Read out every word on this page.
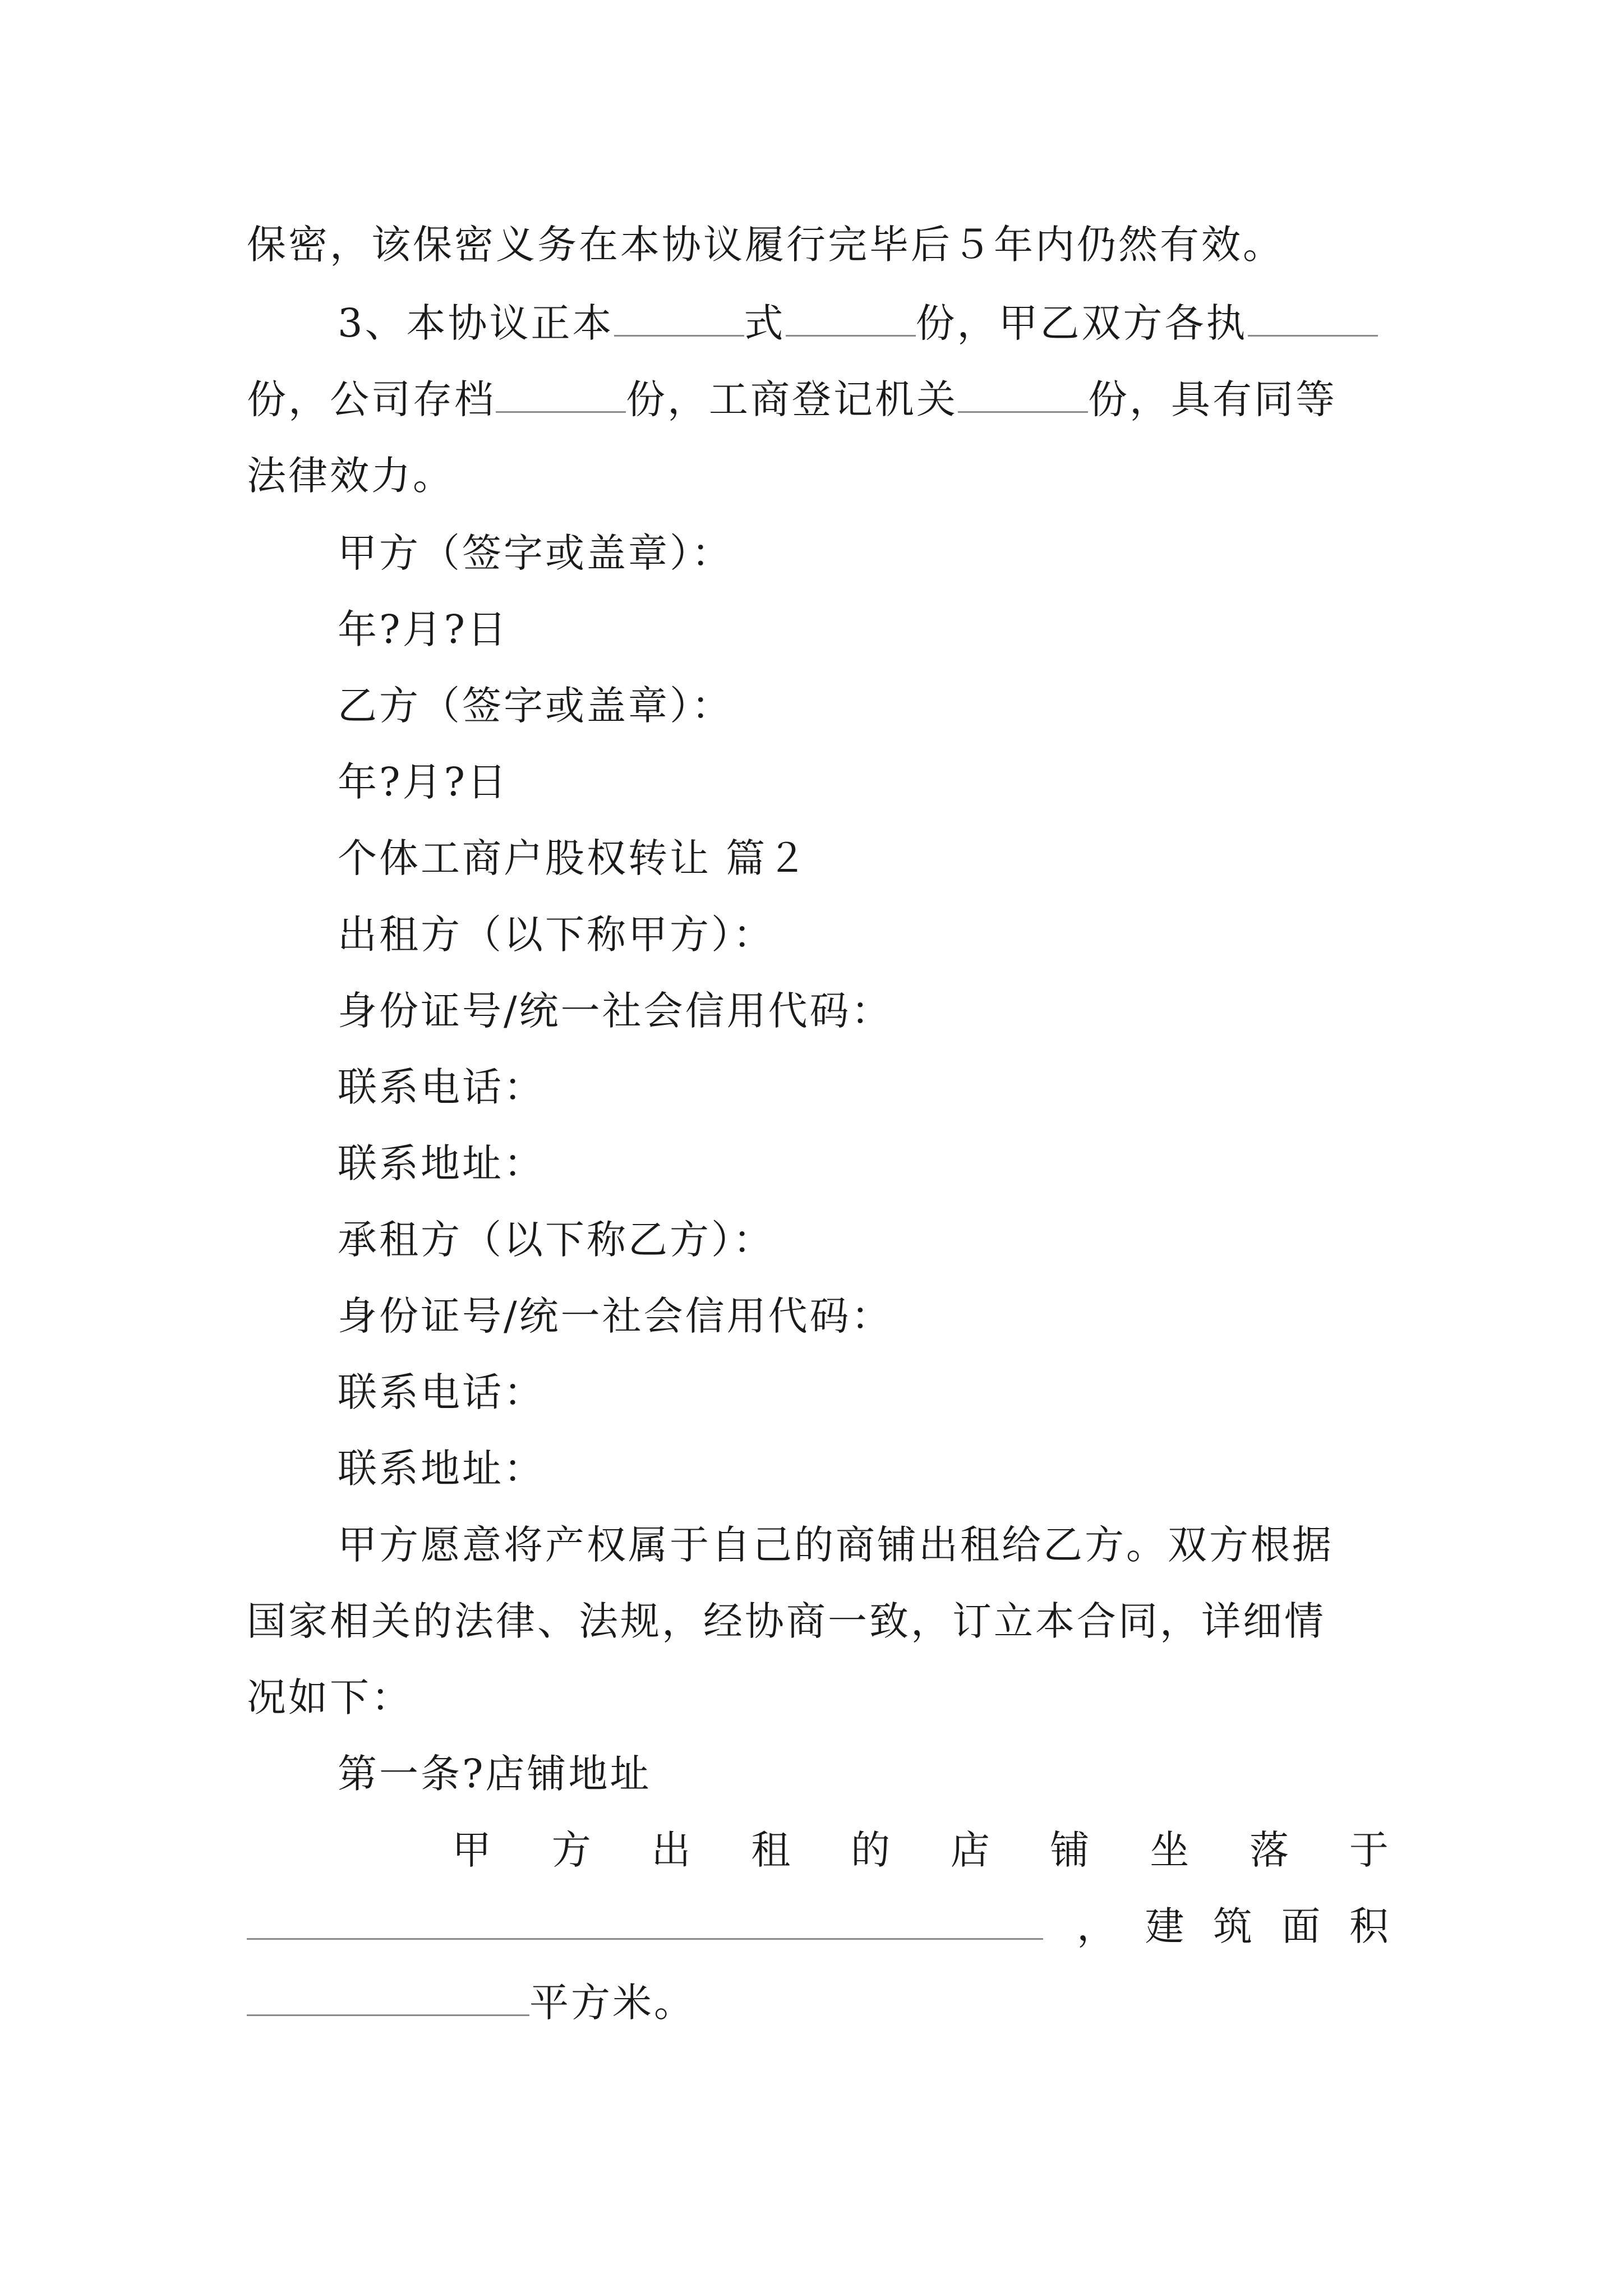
保密，该保密义务在本协议履行完毕后５年内仍然有效。
3、本协议正本	式	份，甲乙双方各执
份，公司存档	份，工商登记机关	份，具有同等
法律效力。
甲方（签字或盖章）：
年?月?日
乙方（签字或盖章）：
年?月?日
个体工商户股权转让 篇２
出租方（以下称甲方）：
身份证号/统一社会信用代码：
联系电话：
联系地址：
承租方（以下称乙方）：
身份证号/统一社会信用代码：
联系电话：
联系地址：
甲方愿意将产权属于自己的商铺出租给乙方。双方根据
国家相关的法律、法规，经协商一致，订立本合同，详细情
况如下：
第一条?店铺地址
甲 方 出 租 的 店 铺 坐 落 于
， 建 筑 面 积
平方米。
